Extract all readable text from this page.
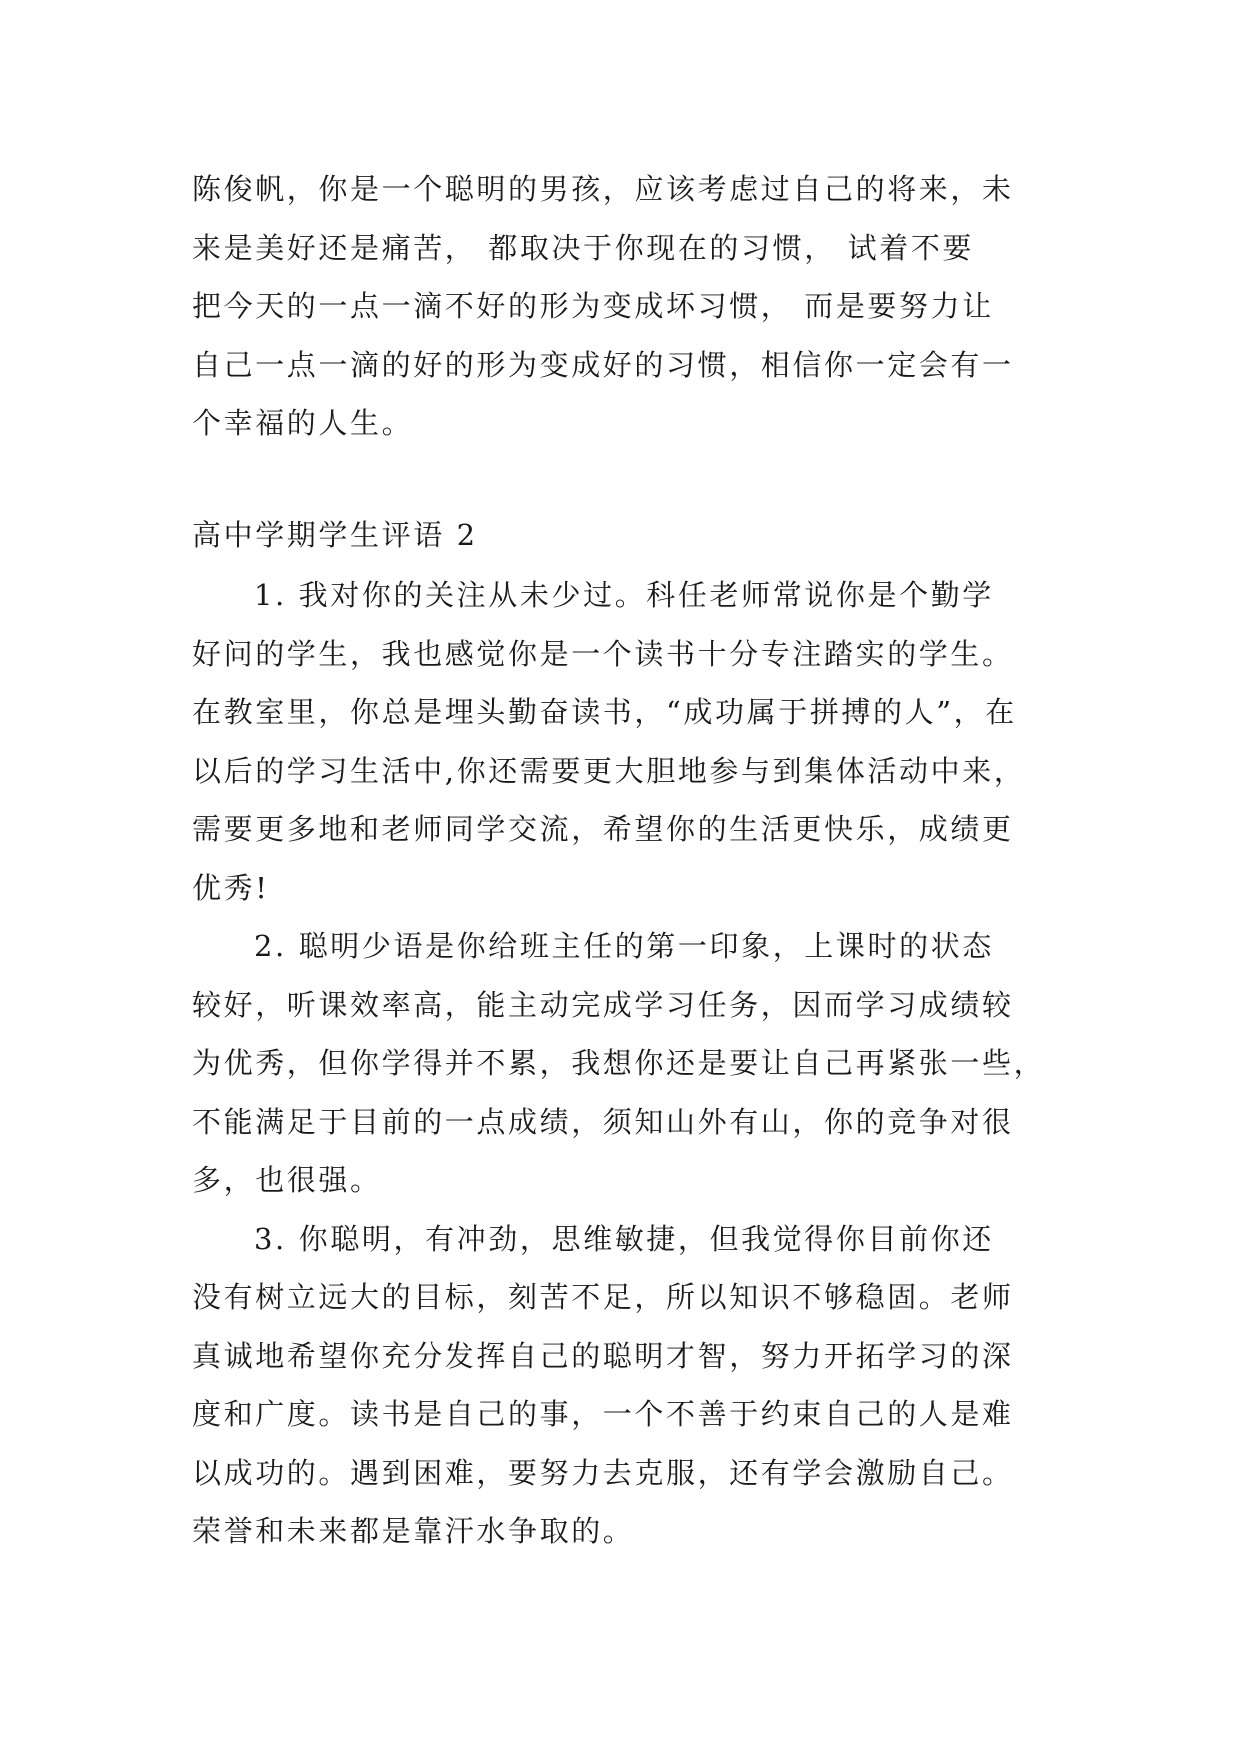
陈俊帆，你是一个聪明的男孩，应该考虑过自己的将来，未
来是美好还是痛苦， 都取决于你现在的习惯， 试着不要
把今天的一点一滴不好的形为变成坏习惯， 而是要努力让
自己一点一滴的好的形为变成好的习惯，相信你一定会有一
个幸福的人生。
高中学期学生评语 2
1. 我对你的关注从未少过。科任老师常说你是个勤学
好问的学生，我也感觉你是一个读书十分专注踏实的学生。
在教室里，你总是埋头勤奋读书，“成功属于拼搏的人”，在
以后的学习生活中,你还需要更大胆地参与到集体活动中来，
需要更多地和老师同学交流，希望你的生活更快乐，成绩更
优秀!
2. 聪明少语是你给班主任的第一印象，上课时的状态
较好，听课效率高，能主动完成学习任务，因而学习成绩较
为优秀，但你学得并不累，我想你还是要让自己再紧张一些，
不能满足于目前的一点成绩，须知山外有山，你的竞争对很
多，也很强。
3. 你聪明，有冲劲，思维敏捷，但我觉得你目前你还
没有树立远大的目标，刻苦不足，所以知识不够稳固。老师
真诚地希望你充分发挥自己的聪明才智，努力开拓学习的深
度和广度。读书是自己的事，一个不善于约束自己的人是难
以成功的。遇到困难，要努力去克服，还有学会激励自己。
荣誉和未来都是靠汗水争取的。
